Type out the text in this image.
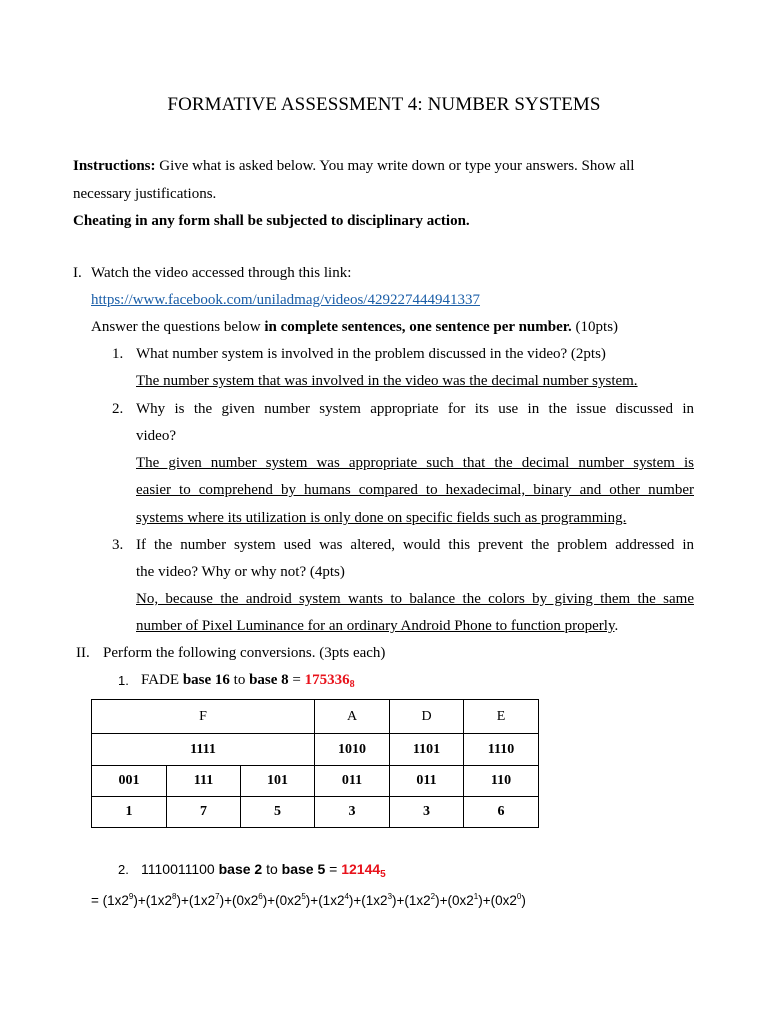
FORMATIVE ASSESSMENT 4: NUMBER SYSTEMS
Instructions: Give what is asked below. You may write down or type your answers. Show all
necessary justifications.
Cheating in any form shall be subjected to disciplinary action.
I. Watch the video accessed through this link:
https://www.facebook.com/uniladmag/videos/429227444941337
Answer the questions below in complete sentences, one sentence per number. (10pts)
1. What number system is involved in the problem discussed in the video? (2pts)
The number system that was involved in the video was the decimal number system.
2. Why is the given number system appropriate for its use in the issue discussed in
video?
The given number system was appropriate such that the decimal number system is
easier to comprehend by humans compared to hexadecimal, binary and other number
systems where its utilization is only done on specific fields such as programming.
3. If the number system used was altered, would this prevent the problem addressed in
the video? Why or why not? (4pts)
No, because the android system wants to balance the colors by giving them the same
number of Pixel Luminance for an ordinary Android Phone to function properly.
II. Perform the following conversions. (3pts each)
1. FADE base 16 to base $8 = 175336_8$
F			A	D	E
1111			1010	1101	1110
001	111	101	011	011	110
1	7	5	3	3	6
2. 1110011100 base 2 to base $5 = 12144_5$
= $(1x2^9)+(1x2^8)+(1x2^7)+(0x2^6)+(0x2^5)+(1x2^4)+(1x2^3)+(1x2^2)+(0x2^1)+(0x2^0)$
